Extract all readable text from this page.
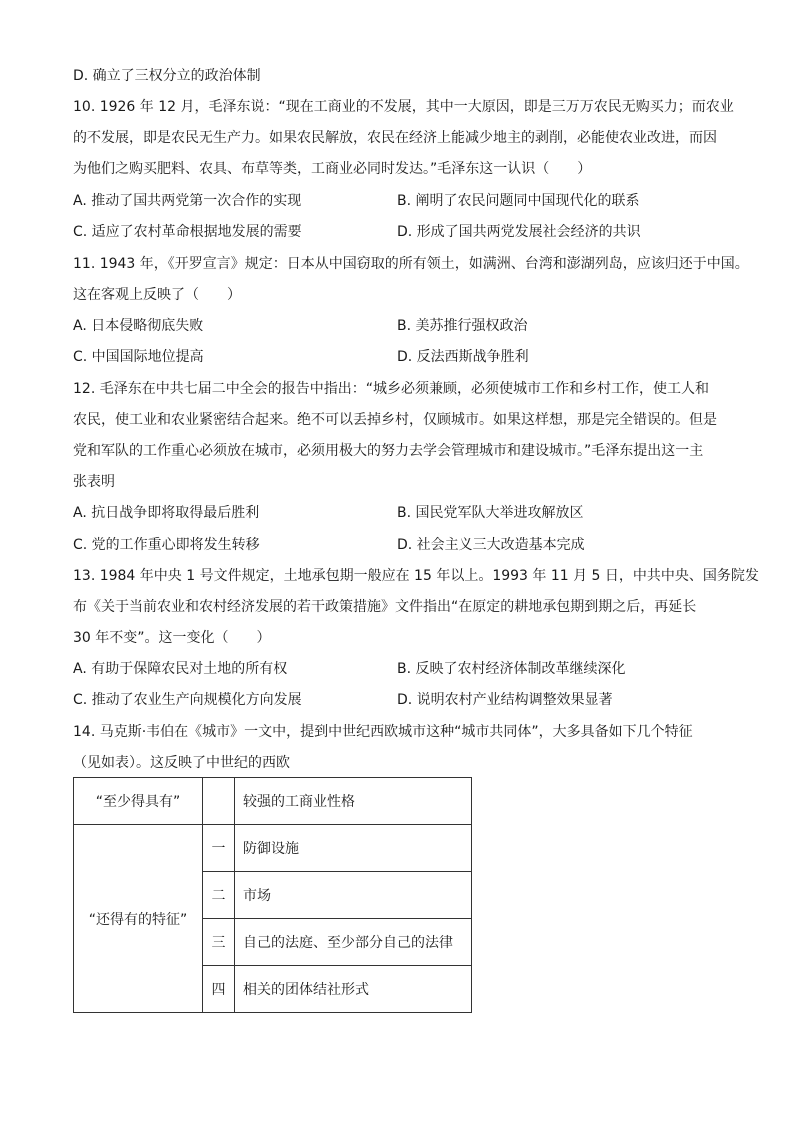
D. 确立了三权分立的政治体制
10. 1926 年 12 月，毛泽东说：“现在工商业的不发展，其中一大原因，即是三万万农民无购买力；而农业
的不发展，即是农民无生产力。如果农民解放，农民在经济上能减少地主的剥削，必能使农业改进，而因
为他们之购买肥料、农具、布草等类，工商业必同时发达。”毛泽东这一认识（　　）
A. 推动了国共两党第一次合作的实现	B. 阐明了农民问题同中国现代化的联系
C. 适应了农村革命根据地发展的需要	D. 形成了国共两党发展社会经济的共识
11. 1943 年，《开罗宣言》规定：日本从中国窃取的所有领土，如满洲、台湾和澎湖列岛，应该归还于中国。
这在客观上反映了（　　）
A. 日本侵略彻底失败	B. 美苏推行强权政治
C. 中国国际地位提高	D. 反法西斯战争胜利
12. 毛泽东在中共七届二中全会的报告中指出：“城乡必须兼顾，必须使城市工作和乡村工作，使工人和
农民，使工业和农业紧密结合起来。绝不可以丢掉乡村，仅顾城市。如果这样想，那是完全错误的。但是
党和军队的工作重心必须放在城市，必须用极大的努力去学会管理城市和建设城市。”毛泽东提出这一主
张表明
A. 抗日战争即将取得最后胜利	B. 国民党军队大举进攻解放区
C. 党的工作重心即将发生转移	D. 社会主义三大改造基本完成
13. 1984 年中央 1 号文件规定，土地承包期一般应在 15 年以上。1993 年 11 月 5 日，中共中央、国务院发
布《关于当前农业和农村经济发展的若干政策措施》文件指出“在原定的耕地承包期到期之后，再延长
30 年不变”。这一变化（　　）
A. 有助于保障农民对土地的所有权	B. 反映了农村经济体制改革继续深化
C. 推动了农业生产向规模化方向发展	D. 说明农村产业结构调整效果显著
14. 马克斯·韦伯在《城市》一文中，提到中世纪西欧城市这种“城市共同体”，大多具备如下几个特征
（见如表）。这反映了中世纪的西欧
“至少得具有”		较强的工商业性格
“还得有的特征”	一	防御设施
	二	市场
	三	自己的法庭、至少部分自己的法律
	四	相关的团体结社形式
